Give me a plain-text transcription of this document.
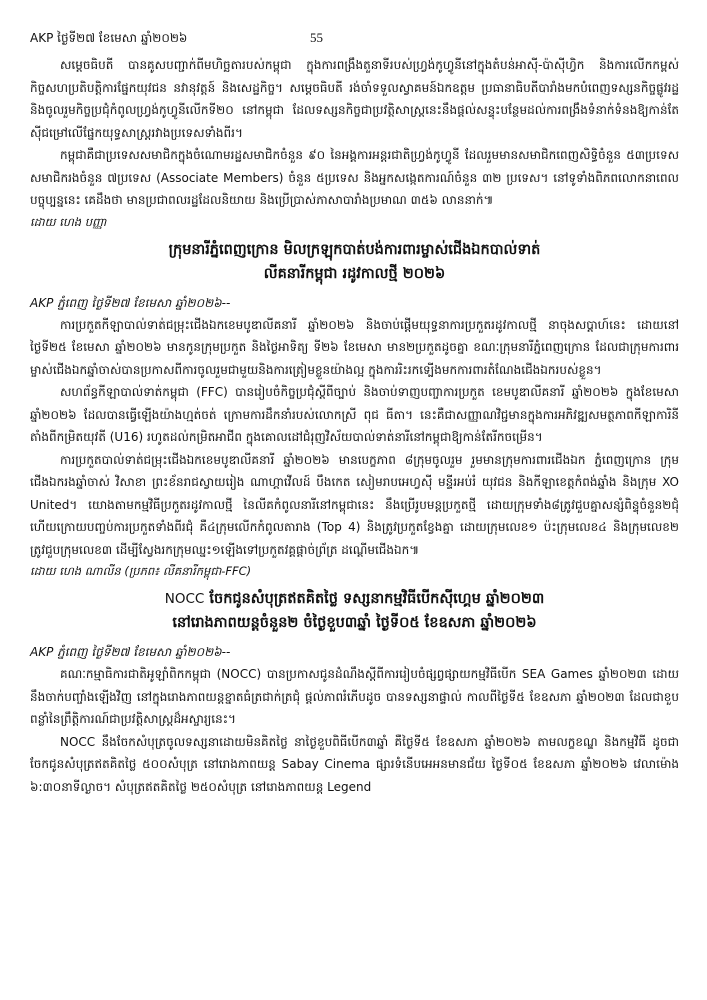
AKP ថ្ងៃទី២៧ ខែមេសា ឆ្នាំ២០២៦	55

សម្តេចធិបតី បានគូសបញ្ជាក់ពីមហិច្ឆតារបស់កម្ពុជា ក្នុងការពង្រឹងតួនាទីរបស់ហ្វ្រង់កូហ្វូនីនៅក្នុងតំបន់អាស៊ី-ប៉ាស៊ីហ្វិក និងការលើកកម្ពស់កិច្ចសហប្រតិបត្តិការផ្នែកយុវជន នវានុវត្តន៍ និងសេដ្ឋកិច្ច។ សម្តេចធិបតី រង់ចាំទទួលស្វាគមន៍ឯកឧត្តម ប្រធានាធិបតីបារាំងមកបំពេញទស្សនកិច្ចផ្លូវរដ្ឋ និងចូលរួមកិច្ចប្រជុំកំពូលហ្វ្រង់កូហ្វូនីលើកទី២០ នៅកម្ពុជា ដែលទស្សនកិច្ចជាប្រវត្តិសាស្ត្រនេះនឹងផ្តល់សន្ទុះបន្ថែមដល់ការពង្រឹងទំនាក់ទំនងឱ្យកាន់តែស៊ីជម្រៅលើផ្នែកយុទ្ធសាស្ត្ររវាងប្រទេសទាំងពីរ។

កម្ពុជាគឺជាប្រទេសសមាជិកក្នុងចំណោមរដ្ឋសមាជិកចំនួន ៩០ នៃអង្គការអន្តរជាតិហ្វ្រង់កូហ្វូនី ដែលរួមមានសមាជិកពេញសិទ្ធិចំនួន ៥៣ប្រទេស សមាជិករងចំនួន ៧ប្រទេស (Associate Members) ចំនួន ៥ប្រទេស និងអ្នកសង្កេតការណ៍ចំនួន ៣២ ប្រទេស។ នៅទូទាំងពិភពលោកនាពេលបច្ចុប្បន្ននេះ គេដឹងថា មានប្រជាពលរដ្ឋដែលនិយាយ និងប្រើប្រាស់ភាសាបារាំងប្រមាណ ៣៥៦ លាននាក់៕

ដោយ ហេង បញ្ញា
ក្រុមនារីភ្នំពេញក្រោន មិលក្រឡុកបាត់បង់ការពារម្ចាស់ជើងឯកបាល់ទាត់
លីគនារីកម្ពុជា រដូវកាលថ្មី ២០២៦
AKP ភ្នំពេញ ថ្ងៃទី២៧ ខែមេសា ឆ្នាំ២០២៦--

ការប្រកួតកីឡាបាល់ទាត់ជម្រុះជើងឯកខេមបូឌាលីគនារី ឆ្នាំ២០២៦ និងចាប់ផ្តើមយុទ្ធនាការប្រកួតរដូវកាលថ្មី នាចុងសប្តាហ៍នេះ ដោយនៅថ្ងៃទី២៥ ខែមេសា ឆ្នាំ២០២៦ មានកូនក្រុមប្រកួត និងថ្ងៃអាទិត្យ ទី២៦ ខែមេសា មាន២ប្រកួតដូចគ្នា ខណៈក្រុមនារីភ្នំពេញក្រោន ដែលជាក្រុមការពារម្ចាស់ជើងឯកឆ្នាំចាស់បានប្រកាសពីការចូលរួមជាមួយនិងការត្រៀមខ្លួនយ៉ាងល្អ ក្នុងការរិះរកទ្បើងមកការពារតំណែងជើងឯករបស់ខ្លួន។

សហព័ន្ធកីឡាបាល់ទាត់កម្ពុជា (FFC) បានរៀបចំកិច្ចប្រជុំស្តីពីច្បាប់ និងចាប់ទាញបញ្ចាការប្រកួត ខេមបូឌាលីគនារី ឆ្នាំ២០២៦ ក្នុងខែមេសា ឆ្នាំ២០២៦ ដែលបានធ្វើឡើងយ៉ាងហ្មត់ចត់ ក្រោមការដឹកនាំរបស់លោកស្រី ពុជ ធីតា។ នេះគឺជាសញ្ញាណវិជ្ជមានក្នុងការអភិវឌ្ឍសមត្ថភាពកីឡាការិនីតាំងពីកម្រិតយុវតី (U16) រហូតដល់កម្រិតអាជីព ក្នុងគោលដៅជំរុញវិស័យបាល់ទាត់នារីនៅកម្ពុជាឱ្យកាន់តែរីកចម្រើន។

ការប្រកួតបាល់ទាត់ជម្រុះជើងឯកខេមបូឌាលីគនារី ឆ្នាំ២០២៦ មានបេក្ខភាព ៨ក្រុមចូលរួម រួមមានក្រុមការពារជើងឯក ភ្នំពេញក្រោន ក្រុមជើងឯករងឆ្នាំចាស់ វិសាខា ព្រះខ័នរាជស្វាយរៀង ណាហ្គាវើលដ៍ បឹងកេត សៀមរាបអេហ្វស៊ី មន្ទីរអប់រំ យុវជន និងកីឡាខេត្តកំពង់ឆ្នាំង និងក្រុម XO United។ យោងតាមកម្មវិធីប្រកួតរដូវកាលថ្មី នៃលីគកំពូលនារីនៅកម្ពុជានេះ នឹងប្រើរូបមន្តប្រកួតថ្មី ដោយក្រុមទាំង៨ត្រូវជួបគ្នាសន្សំពិន្ទុចំនួន២ជុំ ហើយក្រោយបញ្ចប់ការប្រកួតទាំងពីរជុំ គឺ៤ក្រុមលើកកំពូលតារាង (Top 4) និងត្រូវប្រកួតខ្វែងគ្នា ដោយក្រុមលេខ១ ប៉ះក្រុមលេខ៤ និងក្រុមលេខ២ ត្រូវជួបក្រុមលេខ៣ ដើម្បីស្វែងរកក្រុមឈ្នះ១ឡើងទៅប្រកួតវគ្គផ្តាច់ព្រ័ត្រ ដណ្តើមជើងឯក៕

ដោយ ហេង ណាលីន (ប្រភព៖ លីគនារីកម្ពុជា-FFC)
NOCC ចែកជូនសំបុត្រឥតគិតថ្លៃ ទស្សនាកម្មវិធីបើកស៊ីហ្គេម ឆ្នាំ២០២៣
នៅរោងភាពយន្តចំនួន២ ចំថ្ងៃខួប៣ឆ្នាំ ថ្ងៃទី០៥ ខែឧសភា ឆ្នាំ២០២៦
AKP ភ្នំពេញ ថ្ងៃទី២៧ ខែមេសា ឆ្នាំ២០២៦--

គណៈកម្មាធិការជាតិអូឡាំពិកកម្ពុជា (NOCC) បានប្រកាសជូនដំណឹងស្តីពីការរៀបចំផ្សព្វផ្សាយកម្មវិធីបើក SEA Games ឆ្នាំ២០២៣ ដោយនឹងចាក់បញ្ចាំងឡើងវិញ នៅក្នុងរោងភាពយន្តខ្នាតធំត្រជាក់ត្រជុំ ផ្តល់ភាពរំភើបដូច បានទស្សនាផ្ទាល់ កាលពីថ្ងៃទី៥ ខែឧសភា ឆ្នាំ២០២៣ ដែលជាខួបពន្លាំនៃព្រឹត្តិការណ៍ជាប្រវត្តិសាស្ត្រដ៏អស្ចារ្យនេះ។

NOCC នឹងចែកសំបុត្រចូលទស្សនាដោយមិនគិតថ្លៃ នាថ្ងៃខួបពិធីបើក៣ឆ្នាំ គឺថ្ងៃទី៥ ខែឧសភា ឆ្នាំ២០២៦ តាមលក្ខខណ្ឌ និងកម្មវិធី ដូចជា ចែកជូនសំបុត្រឥតគិតថ្លៃ ៥០០សំបុត្រ នៅរោងភាពយន្ត Sabay Cinema ផ្សារទំនើបអេអនមានជ័យ ថ្ងៃទី០៥ ខែឧសភា ឆ្នាំ២០២៦ វេលាម៉ោង ៦:៣០នាទីល្ងាច។ សំបុត្រឥតគិតថ្លៃ ២៥០សំបុត្រ នៅរោងភាពយន្ត Legend
